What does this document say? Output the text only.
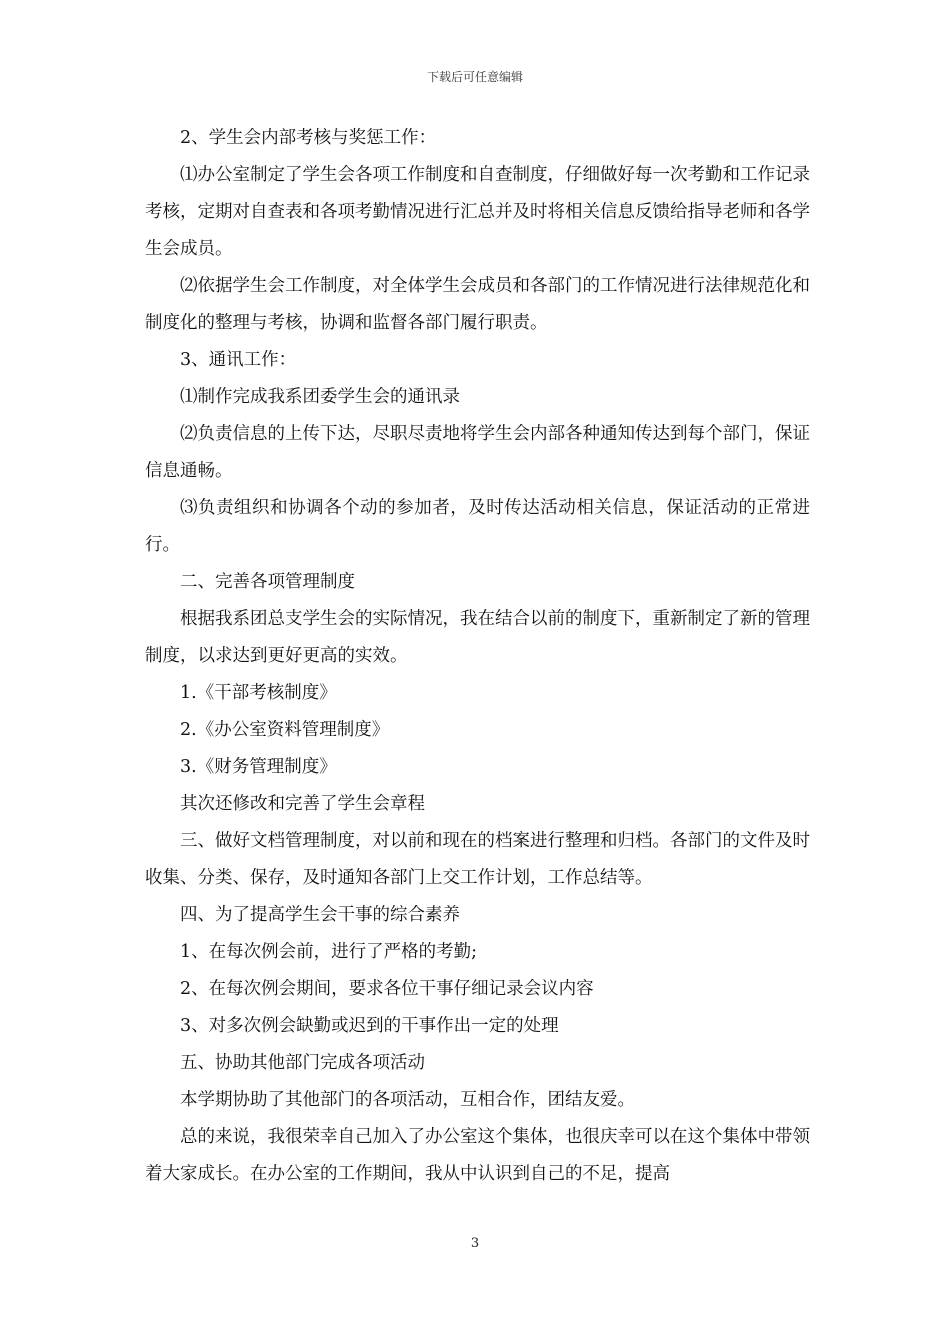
下载后可任意编辑

2、学生会内部考核与奖惩工作：

⑴办公室制定了学生会各项工作制度和自查制度，仔细做好每一次考勤和工作记录考核，定期对自查表和各项考勤情况进行汇总并及时将相关信息反馈给指导老师和各学生会成员。

⑵依据学生会工作制度，对全体学生会成员和各部门的工作情况进行法律规范化和制度化的整理与考核，协调和监督各部门履行职责。

3、通讯工作：

⑴制作完成我系团委学生会的通讯录

⑵负责信息的上传下达，尽职尽责地将学生会内部各种通知传达到每个部门，保证信息通畅。

⑶负责组织和协调各个动的参加者，及时传达活动相关信息，保证活动的正常进行。

二、完善各项管理制度

根据我系团总支学生会的实际情况，我在结合以前的制度下，重新制定了新的管理制度，以求达到更好更高的实效。

1.《干部考核制度》

2.《办公室资料管理制度》

3.《财务管理制度》

其次还修改和完善了学生会章程

三、做好文档管理制度，对以前和现在的档案进行整理和归档。各部门的文件及时收集、分类、保存，及时通知各部门上交工作计划，工作总结等。

四、为了提高学生会干事的综合素养

1、在每次例会前，进行了严格的考勤;

2、在每次例会期间，要求各位干事仔细记录会议内容

3、对多次例会缺勤或迟到的干事作出一定的处理

五、协助其他部门完成各项活动

本学期协助了其他部门的各项活动，互相合作，团结友爱。

总的来说，我很荣幸自己加入了办公室这个集体，也很庆幸可以在这个集体中带领着大家成长。在办公室的工作期间，我从中认识到自己的不足，提高

3
